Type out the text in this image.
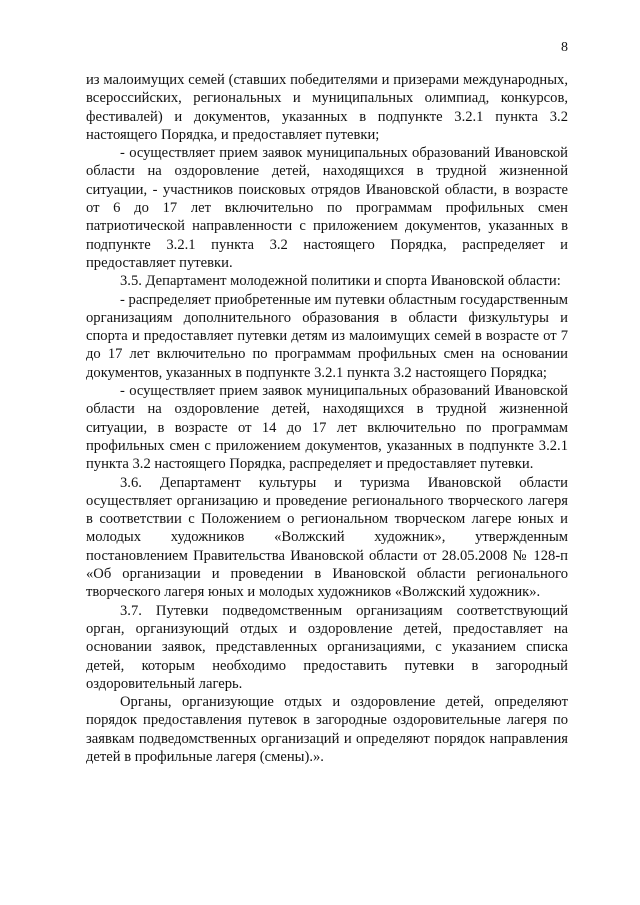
8

из малоимущих семей (ставших победителями и призерами международных, всероссийских, региональных и муниципальных олимпиад, конкурсов, фестивалей) и документов, указанных в подпункте 3.2.1 пункта 3.2 настоящего Порядка, и предоставляет путевки;

- осуществляет прием заявок муниципальных образований Ивановской области на оздоровление детей, находящихся в трудной жизненной ситуации, - участников поисковых отрядов Ивановской области, в возрасте от 6 до 17 лет включительно по программам профильных смен патриотической направленности с приложением документов, указанных в подпункте 3.2.1 пункта 3.2 настоящего Порядка, распределяет и предоставляет путевки.

3.5. Департамент молодежной политики и спорта Ивановской области:

- распределяет приобретенные им путевки областным государственным организациям дополнительного образования в области физкультуры и спорта и предоставляет путевки детям из малоимущих семей в возрасте от 7 до 17 лет включительно по программам профильных смен на основании документов, указанных в подпункте 3.2.1 пункта 3.2 настоящего Порядка;

- осуществляет прием заявок муниципальных образований Ивановской области на оздоровление детей, находящихся в трудной жизненной ситуации, в возрасте от 14 до 17 лет включительно по программам профильных смен с приложением документов, указанных в подпункте 3.2.1 пункта 3.2 настоящего Порядка, распределяет и предоставляет путевки.

3.6. Департамент культуры и туризма Ивановской области осуществляет организацию и проведение регионального творческого лагеря в соответствии с Положением о региональном творческом лагере юных и молодых художников «Волжский художник», утвержденным постановлением Правительства Ивановской области от 28.05.2008 № 128-п «Об организации и проведении в Ивановской области регионального творческого лагеря юных и молодых художников «Волжский художник».

3.7. Путевки подведомственным организациям соответствующий орган, организующий отдых и оздоровление детей, предоставляет на основании заявок, представленных организациями, с указанием списка детей, которым необходимо предоставить путевки в загородный оздоровительный лагерь.

Органы, организующие отдых и оздоровление детей, определяют порядок предоставления путевок в загородные оздоровительные лагеря по заявкам подведомственных организаций и определяют порядок направления детей в профильные лагеря (смены).».
